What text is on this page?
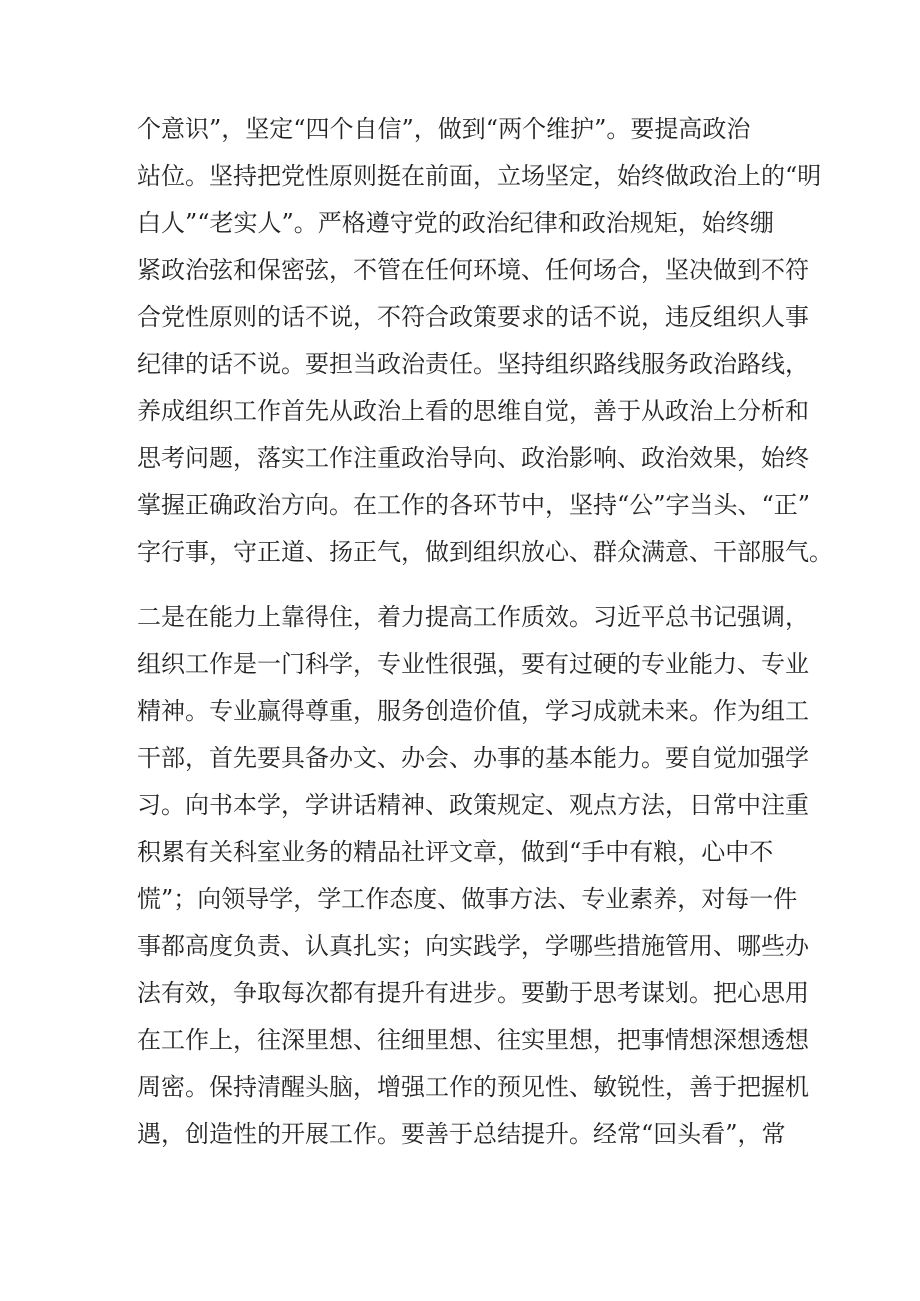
个意识”，坚定“四个自信”，做到“两个维护”。要提高政治
站位。坚持把党性原则挺在前面，立场坚定，始终做政治上的“明
白人”“老实人”。严格遵守党的政治纪律和政治规矩，始终绷
紧政治弦和保密弦，不管在任何环境、任何场合，坚决做到不符
合党性原则的话不说，不符合政策要求的话不说，违反组织人事
纪律的话不说。要担当政治责任。坚持组织路线服务政治路线，
养成组织工作首先从政治上看的思维自觉，善于从政治上分析和
思考问题，落实工作注重政治导向、政治影响、政治效果，始终
掌握正确政治方向。在工作的各环节中，坚持“公”字当头、“正”
字行事，守正道、扬正气，做到组织放心、群众满意、干部服气。
二是在能力上靠得住，着力提高工作质效。习近平总书记强调，
组织工作是一门科学，专业性很强，要有过硬的专业能力、专业
精神。专业赢得尊重，服务创造价值，学习成就未来。作为组工
干部，首先要具备办文、办会、办事的基本能力。要自觉加强学
习。向书本学，学讲话精神、政策规定、观点方法，日常中注重
积累有关科室业务的精品社评文章，做到“手中有粮，心中不
慌”；向领导学，学工作态度、做事方法、专业素养，对每一件
事都高度负责、认真扎实；向实践学，学哪些措施管用、哪些办
法有效，争取每次都有提升有进步。要勤于思考谋划。把心思用
在工作上，往深里想、往细里想、往实里想，把事情想深想透想
周密。保持清醒头脑，增强工作的预见性、敏锐性，善于把握机
遇，创造性的开展工作。要善于总结提升。经常“回头看”，常
